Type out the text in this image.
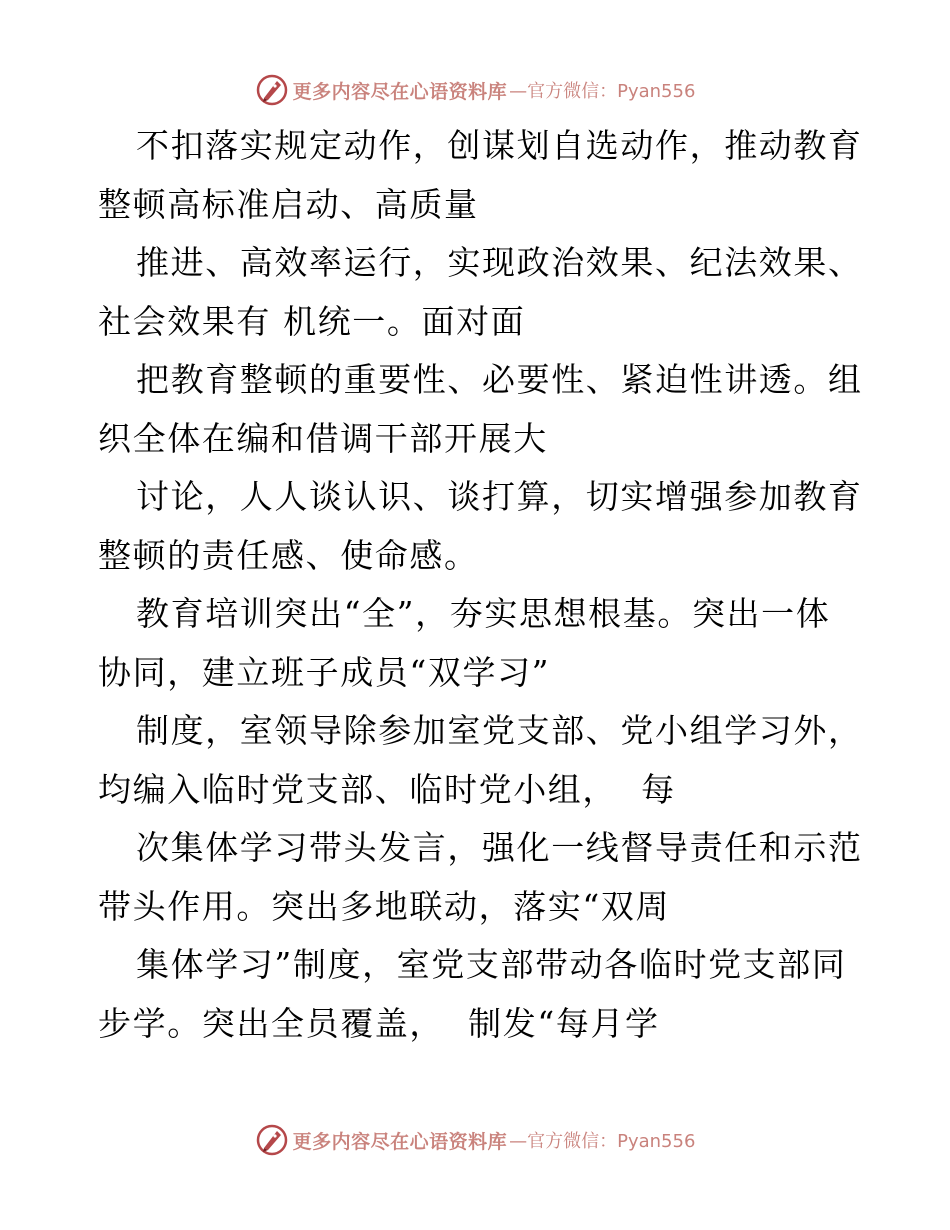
更多内容尽在心语资料库 —官方微信：Pyan556
不扣落实规定动作，创谋划自选动作，推动教育
整顿高标准启动、高质量
推进、高效率运行，实现政治效果、纪法效果、
社会效果有 机统一。面对面
把教育整顿的重要性、必要性、紧迫性讲透。组
织全体在编和借调干部开展大
讨论，人人谈认识、谈打算，切实增强参加教育
整顿的责任感、使命感。
教育培训突出“全”，夯实思想根基。突出一体
协同，建立班子成员“双学习”
制度，室领导除参加室党支部、党小组学习外，
均编入临时党支部、临时党小组，  每
次集体学习带头发言，强化一线督导责任和示范
带头作用。突出多地联动，落实“双周
集体学习”制度，室党支部带动各临时党支部同
步学。突出全员覆盖，  制发“每月学
更多内容尽在心语资料库 —官方微信：Pyan556
